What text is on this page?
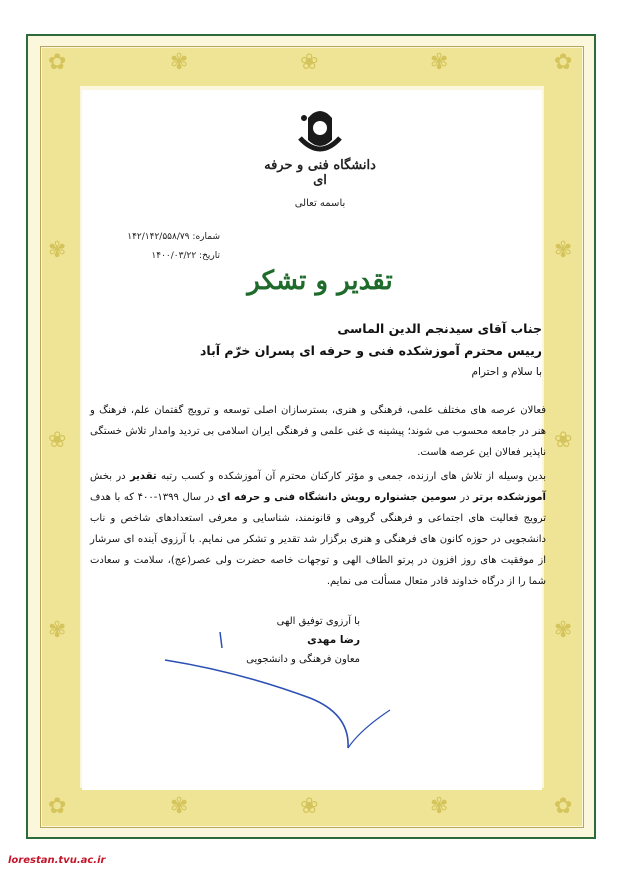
✿	✿
✿	✿
❀
❀
❀	❀
✾	✾
✾	✾
✾	✾
✾	✾
دانشگاه فنی و حرفه ای
باسمه تعالی
شماره: ۱۴۲/۱۴۲/۵۵۸/۷۹
تاریخ: ۱۴۰۰/۰۳/۲۲
تقدیر و تشکر
جناب آقای سیدنجم الدین الماسی
رییس محترم آموزشکده فنی و حرفه ای پسران خرّم آباد
با سلام و احترام
فعالان عرصه های مختلف علمی، فرهنگی و هنری، بسترسازان اصلی توسعه و ترویج گفتمان علم، فرهنگ و هنر در جامعه محسوب می شوند؛ پیشینه ی غنی علمی و فرهنگی ایران اسلامی بی تردید وامدار تلاش خستگی ناپذیر فعالان این عرصه هاست.
بدین وسیله از تلاش های ارزنده، جمعی و مؤثر کارکنان محترم آن آموزشکده و کسب رتبه تقدیر در بخش آموزشکده برتر در سومین جشنواره رویش دانشگاه فنی و حرفه ای در سال ۱۳۹۹-۴۰۰ که با هدف ترویج فعالیت های اجتماعی و فرهنگی گروهی و قانونمند، شناسایی و معرفی استعدادهای شاخص و ناب دانشجویی در حوزه کانون های فرهنگی و هنری برگزار شد تقدیر و تشکر می نمایم. با آرزوی آینده ای سرشار از موفقیت های روز افزون در پرتو الطاف الهی و توجهات خاصه حضرت ولی عصر(عج)، سلامت و سعادت شما را از درگاه خداوند قادر متعال مسألت می نمایم.
با آرزوی توفیق الهی
رضا مهدی
معاون فرهنگی و دانشجویی
lorestan.tvu.ac.ir
